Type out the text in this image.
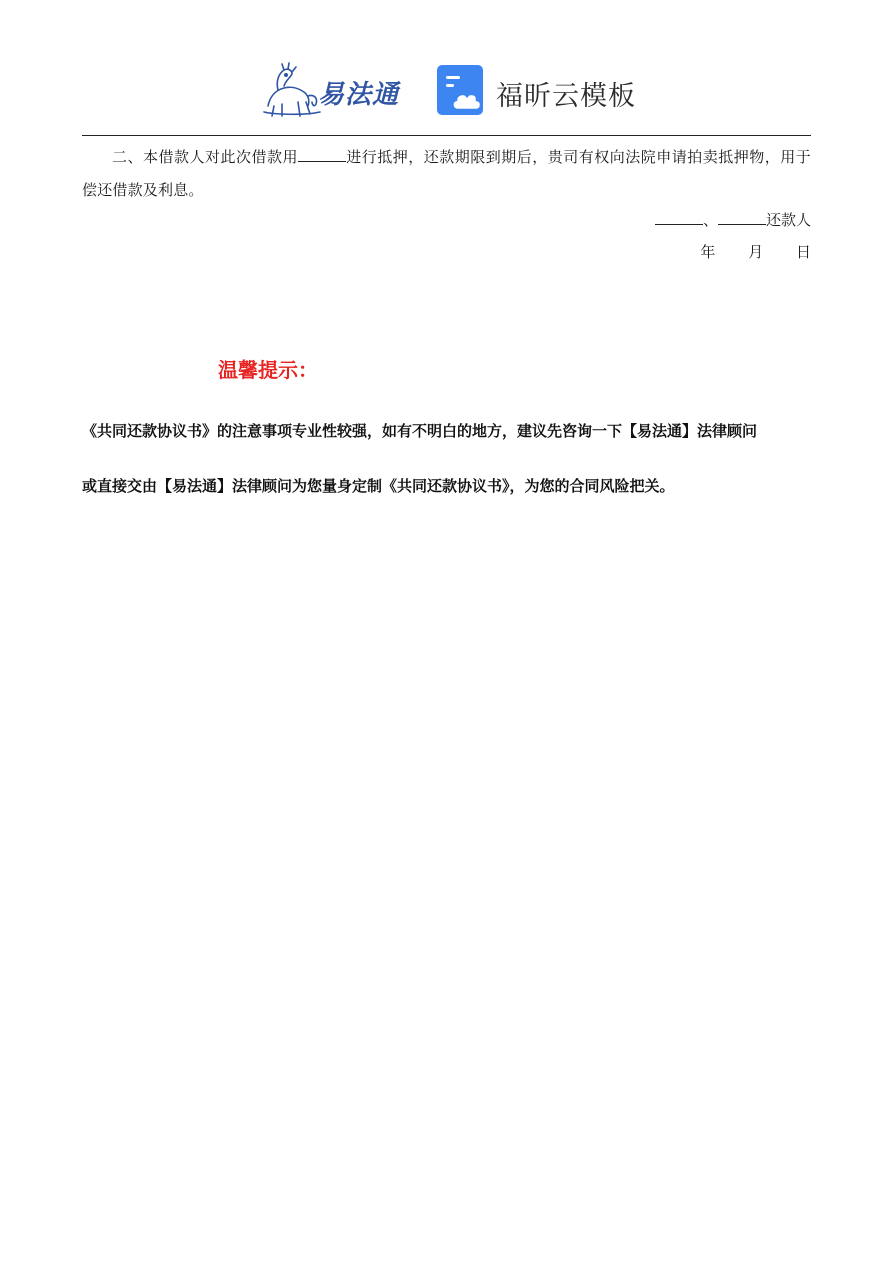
易法通	福昕云模板
二、本借款人对此次借款用	进行抵押，还款期限到期后，贵司有权向法院申请拍卖抵押物，用于偿还借款及利息。
、	还款人
年 月 日
温馨提示：
《共同还款协议书》的注意事项专业性较强，如有不明白的地方，建议先咨询一下【易法通】法律顾问
或直接交由【易法通】法律顾问为您量身定制《共同还款协议书》，为您的合同风险把关。
